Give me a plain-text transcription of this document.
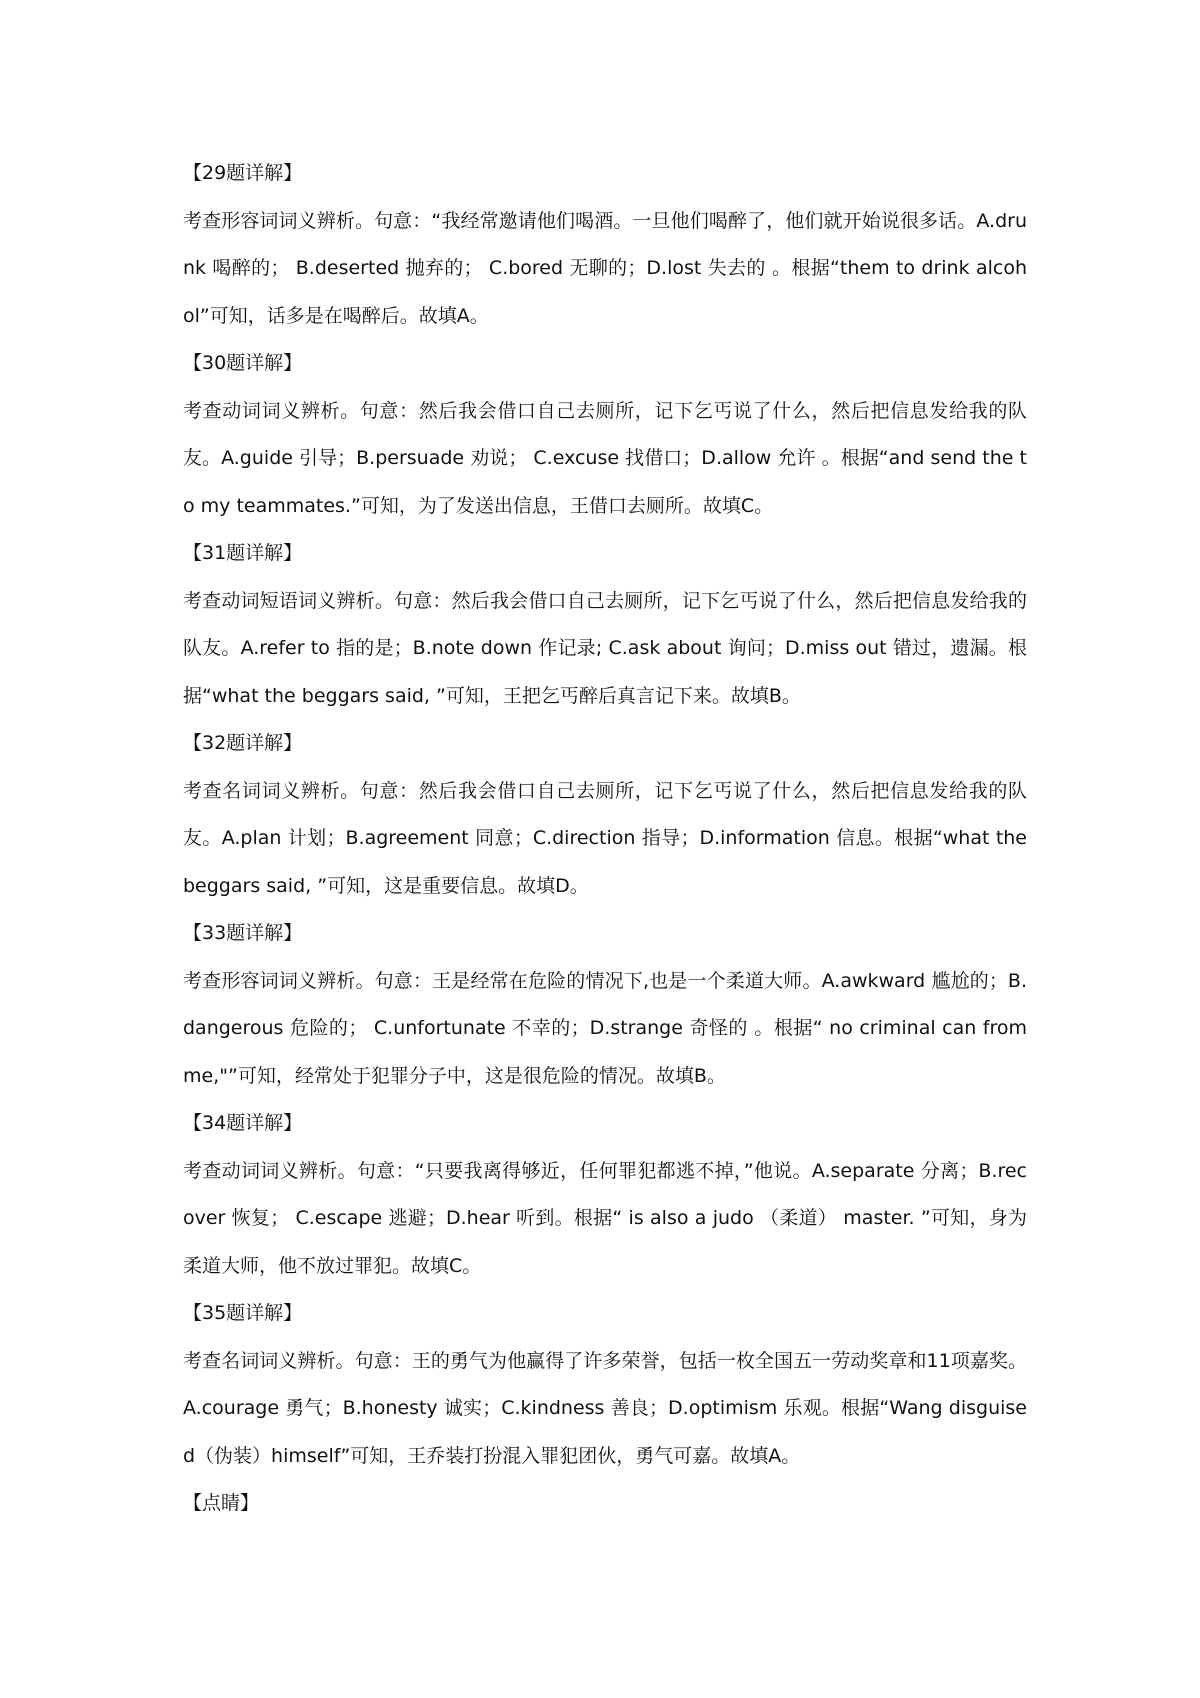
【29题详解】

考查形容词词义辨析。句意：“我经常邀请他们喝酒。一旦他们喝醉了，他们就开始说很多话。A.drunk 喝醉的； B.deserted 抛弃的； C.bored 无聊的；D.lost 失去的 。根据“them to drink alcohol”可知，话多是在喝醉后。故填A。

【30题详解】

考查动词词义辨析。句意：然后我会借口自己去厕所，记下乞丐说了什么，然后把信息发给我的队友。A.guide 引导；B.persuade 劝说； C.excuse 找借口；D.allow 允许 。根据“and send the to my teammates.”可知，为了发送出信息，王借口去厕所。故填C。

【31题详解】

考查动词短语词义辨析。句意：然后我会借口自己去厕所，记下乞丐说了什么，然后把信息发给我的队友。A.refer to 指的是；B.note down 作记录; C.ask about 询问；D.miss out 错过，遗漏。根据“what the beggars said, ”可知，王把乞丐醉后真言记下来。故填B。

【32题详解】

考查名词词义辨析。句意：然后我会借口自己去厕所，记下乞丐说了什么，然后把信息发给我的队友。A.plan 计划；B.agreement 同意；C.direction 指导；D.information 信息。根据“what the beggars said, ”可知，这是重要信息。故填D。

【33题详解】

考查形容词词义辨析。句意：王是经常在危险的情况下,也是一个柔道大师。A.awkward 尴尬的；B.dangerous 危险的； C.unfortunate 不幸的；D.strange 奇怪的 。根据“ no criminal can from me,"”可知，经常处于犯罪分子中，这是很危险的情况。故填B。

【34题详解】

考查动词词义辨析。句意：“只要我离得够近，任何罪犯都逃不掉，”他说。A.separate 分离；B.recover 恢复； C.escape 逃避；D.hear 听到。根据“ is also a judo （柔道） master. ”可知，身为柔道大师，他不放过罪犯。故填C。

【35题详解】

考查名词词义辨析。句意：王的勇气为他赢得了许多荣誉，包括一枚全国五一劳动奖章和11项嘉奖。A.courage 勇气；B.honesty 诚实；C.kindness 善良；D.optimism 乐观。根据“Wang disguised（伪装）himself”可知，王乔装打扮混入罪犯团伙，勇气可嘉。故填A。

【点睛】
